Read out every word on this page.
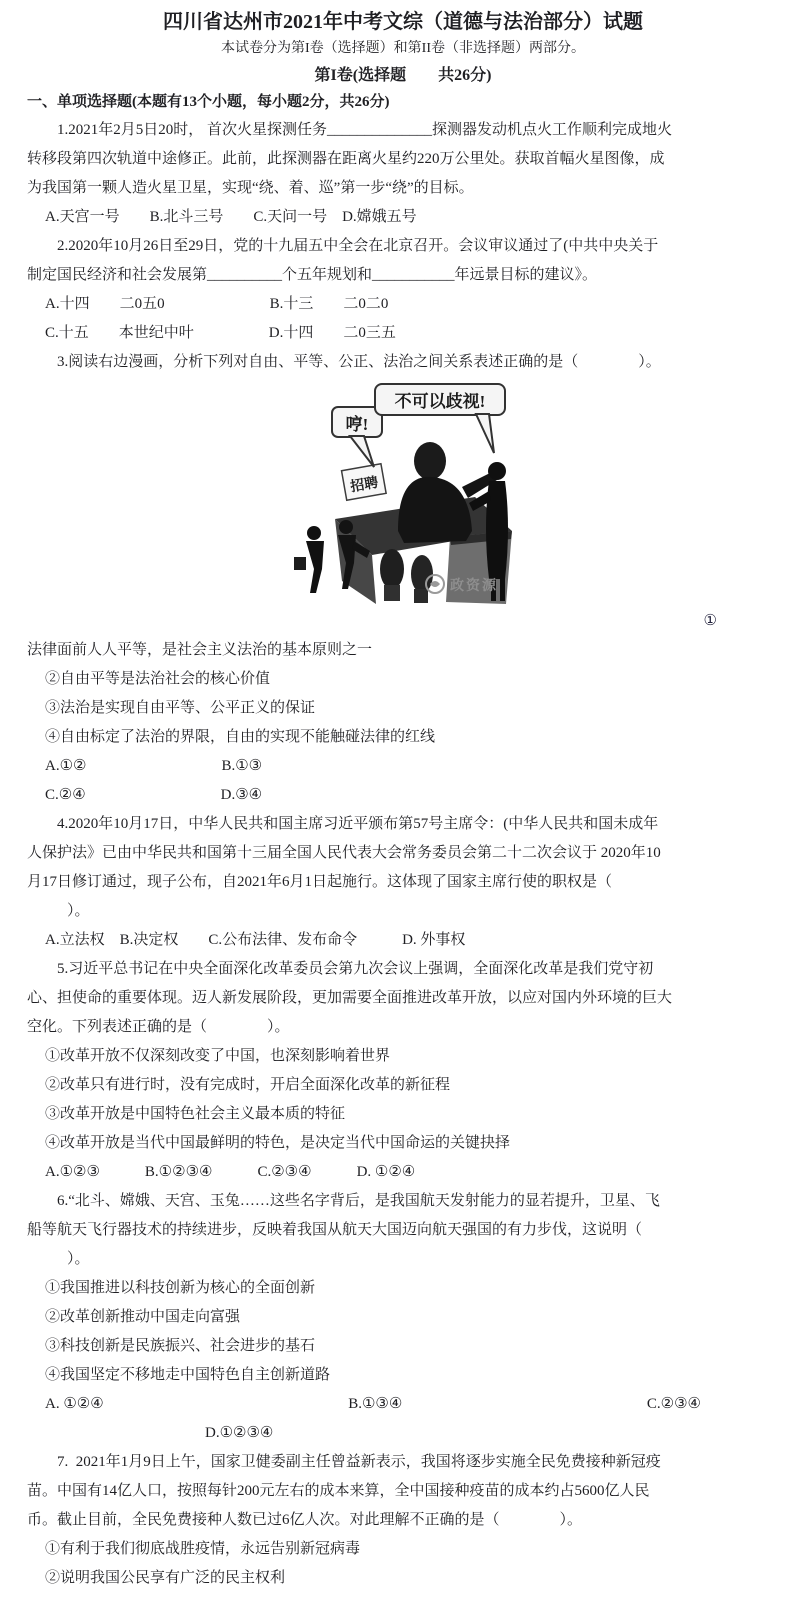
四川省达州市2021年中考文综（道德与法治部分）试题
本试卷分为第I卷（选择题）和第II卷（非选择题）两部分。
第I卷(选择题　　共26分)
一、单项选择题(本题有13个小题，每小题2分，共26分)
1.2021年2月5日20时， 首次火星探测任务______________探测器发动机点火工作顺利完成地火
转移段第四次轨道中途修正。此前，此探测器在距离火星约220万公里处。获取首幅火星图像，成
为我国第一颗人造火星卫星，实现“绕、着、巡”第一步“绕”的目标。
A.天宫一号　　B.北斗三号　　C.天问一号　D.嫦娥五号
2.2020年10月26日至29日，党的十九届五中全会在北京召开。会议审议通过了(中共中央关于
制定国民经济和社会发展第__________个五年规划和___________年远景目标的建议》。
A.十四　　二0五0　　　　　　　B.十三　　二0二0
C.十五　　本世纪中叶　　　　　D.十四　　二0三五
3.阅读右边漫画，分析下列对自由、平等、公正、法治之间关系表述正确的是（　　　　）。
招聘
哼!
不可以歧视!
政资源
①
法律面前人人平等，是社会主义法治的基本原则之一
②自由平等是法治社会的核心价值
③法治是实现自由平等、公平正义的保证
④自由标定了法治的界限，自由的实现不能触碰法律的红线
A.①②　　　　　　　　　B.①③
C.②④　　　　　　　　　D.③④
4.2020年10月17日，中华人民共和国主席习近平颁布第57号主席令：(中华人民共和国未成年
人保护法》已由中华民共和国第十三届全国人民代表大会常务委员会第二十二次会议于 2020年10
月17日修订通过，现子公布，自2021年6月1日起施行。这体现了国家主席行使的职权是（
）。
A.立法权　B.决定权　　C.公布法律、发布命令　　　D. 外事权
5.习近平总书记在中央全面深化改革委员会第九次会议上强调，全面深化改革是我们党守初
心、担使命的重要体现。迈人新发展阶段，更加需要全面推进改革开放，以应对国内外环境的巨大
空化。下列表述正确的是（　　　　）。
①改革开放不仅深刻改变了中国，也深刻影响着世界
②改革只有进行时，没有完成时，开启全面深化改革的新征程
③改革开放是中国特色社会主义最本质的特征
④改革开放是当代中国最鲜明的特色，是决定当代中国命运的关键抉择
A.①②③　　　B.①②③④　　　C.②③④　　　D. ①②④
6.“北斗、嫦娥、天宫、玉兔……这些名字背后，是我国航天发射能力的显若提升，卫星、飞
船等航天飞行器技术的持续进步，反映着我国从航天大国迈向航天强国的有力步伐，这说明（
）。
①我国推进以科技创新为核心的全面创新
②改革创新推动中国走向富强
③科技创新是民族振兴、社会进步的基石
④我国坚定不移地走中国特色自主创新道路
A. ①②④	B.①③④	C.②③④
D.①②③④
7.  2021年1月9日上午，国家卫健委副主任曾益新表示，我国将逐步实施全民免费接种新冠疫
苗。中国有14亿人口，按照每针200元左右的成本来算，全中国接种疫苗的成本约占5600亿人民
币。截止目前，全民免费接种人数已过6亿人次。对此理解不正确的是（　　　　）。
①有利于我们彻底战胜疫情，永远告别新冠病毒
②说明我国公民享有广泛的民主权利
